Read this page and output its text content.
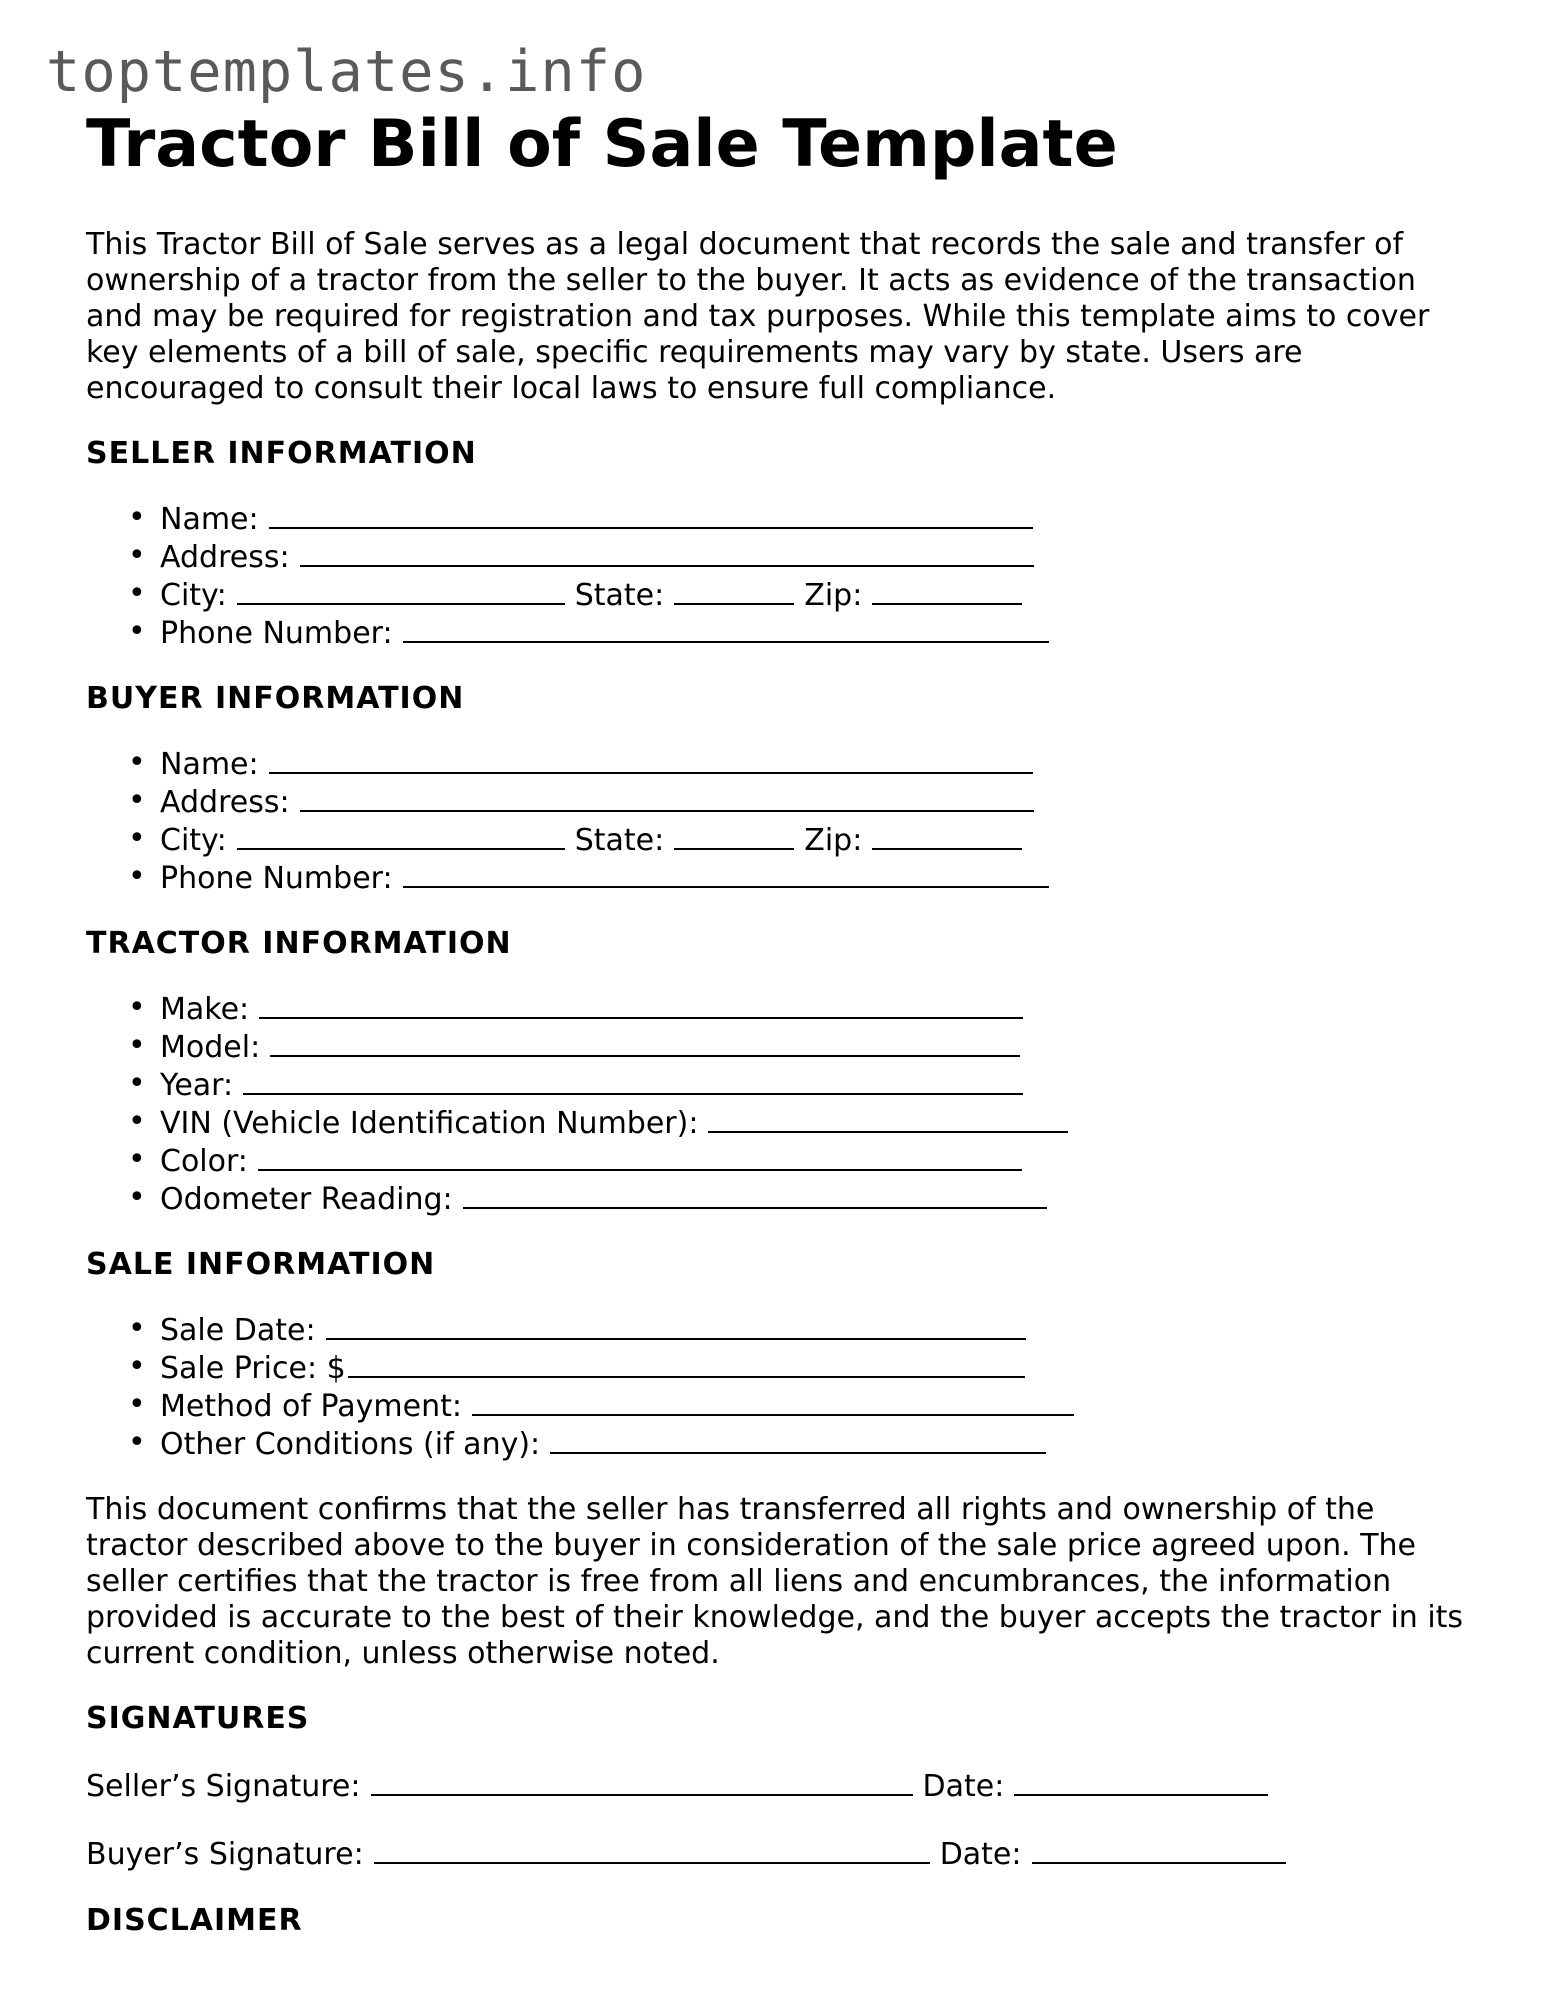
toptemplates.info
Tractor Bill of Sale Template

This Tractor Bill of Sale serves as a legal document that records the sale and transfer of ownership of a tractor from the seller to the buyer. It acts as evidence of the transaction and may be required for registration and tax purposes. While this template aims to cover key elements of a bill of sale, specific requirements may vary by state. Users are encouraged to consult their local laws to ensure full compliance.

SELLER INFORMATION
• Name:
• Address:
• City:	State:	Zip:
• Phone Number:
BUYER INFORMATION
• Name:
• Address:
• City:	State:	Zip:
• Phone Number:
TRACTOR INFORMATION
• Make:
• Model:
• Year:
• VIN (Vehicle Identification Number):
• Color:
• Odometer Reading:
SALE INFORMATION
• Sale Date:
• Sale Price: $
• Method of Payment:
• Other Conditions (if any):

This document confirms that the seller has transferred all rights and ownership of the tractor described above to the buyer in consideration of the sale price agreed upon. The seller certifies that the tractor is free from all liens and encumbrances, the information provided is accurate to the best of their knowledge, and the buyer accepts the tractor in its current condition, unless otherwise noted.

SIGNATURES
Seller’s Signature:	Date:
Buyer’s Signature:	Date:
DISCLAIMER
